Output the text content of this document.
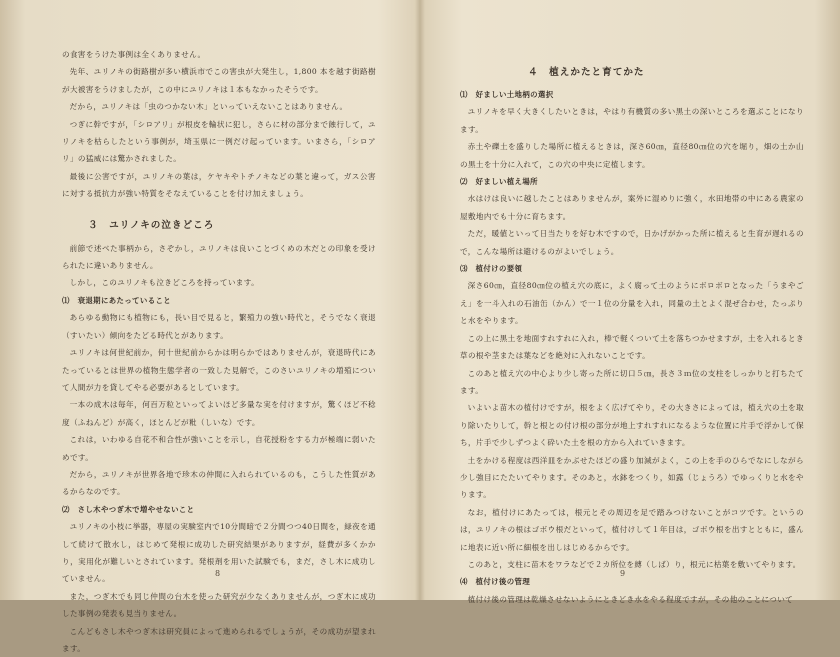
の食害をうけた事例は全くありません。

先年、ユリノキの街路樹が多い横浜市でこの害虫が大発生し，1,800 本を越す街路樹が大被害をうけましたが，この中にユリノキは１本もなかったそうです。

だから，ユリノキは「虫のつかない木」といっていえないことはありません。

つぎに幹ですが，「シロアリ」が根皮を輪状に犯し，さらに材の部分まで蝕行して，ユリノキを枯らしたという事例が，埼玉県に一例だけ起っています。いまさら，「シロアリ」の猛威には驚かされました。

最後に公害ですが，ユリノキの葉は，ケヤキやトチノキなどの葉と違って，ガス公害に対する抵抗力が強い特質をそなえていることを付け加えましょう。

３　ユリノキの泣きどころ

前節で述べた事柄から，さぞかし，ユリノキは良いことづくめの木だとの印象を受けられたに違いありません。

しかし，このユリノキも泣きどころを持っています。

⑴　衰退期にあたっていること

あらゆる動物にも植物にも，長い目で見ると，繁殖力の強い時代と，そうでなく衰退（すいたい）傾向をたどる時代とがあります。

ユリノキは何世紀前か，何十世紀前からかは明らかではありませんが，衰退時代にあたっているとは世界の植物生態学者の一致した見解で，このさいユリノキの増殖について人間が力を貸してやる必要があるとしています。

一本の成木は毎年，何百万粒といってよいほど多量な実を付けますが，驚くほど不稔度（ふねんど）が高く，ほとんどが粃（しいな）です。

これは，いわゆる自花不和合性が強いことを示し，自花授粉をする力が極端に弱いためです。

だから，ユリノキが世界各地で珍木の仲間に入れられているのも，こうした性質があるからなのです。

⑵　さし木やつぎ木で増やせないこと

ユリノキの小枝に挙器，専屋の実験室内で10分間暗で２分間つつ40日間を，緑夜を通して続けて散水し，はじめて発根に成功した研究結果がありますが，経費が多くかかり，実用化が難しいとされています。発根剤を用いた試験でも，まだ，さし木に成功していません。

また，つぎ木でも同じ仲間の台木を使った研究が少なくありませんが，つぎ木に成功した事例の発表も見当りません。

こんどもさし木やつぎ木は研究員によって進められるでしょうが，その成功が望まれます。

8
４　植えかたと育てかた
⑴　好ましい土地柄の選択

ユリノキを早く大きくしたいときは，やはり有機質の多い黒土の深いところを選ぶことになります。

赤土や礫土を盛りした場所に植えるときは，深さ60㎝，直径80㎝位の穴を堀り，畑の土か山の黒土を十分に入れて，この穴の中央に定植します。

⑵　好ましい植え場所

水はけは良いに越したことはありませんが，案外に湿めりに強く，水田地帯の中にある農家の屋敷地内でも十分に育ちます。

ただ，暖値といって日当たりを好む木ですので，日かげがかった所に植えると生育が遅れるので，こんな場所は避けるのがよいでしょう。

⑶　植付けの要領

深さ60㎝，直径80㎝位の植え穴の底に，よく腐って土のようにボロボロとなった「うまやごえ」を一斗入れの石油缶（かん）で一１位の分量を入れ，同量の土とよく混ぜ合わせ，たっぷりと水をやります。

この上に黒土を地面すれすれに入れ，棒で軽くついて土を落ちつかせますが，土を入れるとき草の根や茎または葉などを絶対に入れないことです。

このあと植え穴の中心より少し寄った所に切口５㎝，長さ３ｍ位の支柱をしっかりと打ちたてます。

いよいよ苗木の植付けですが，根をよく広げてやり，その大きさによっては，植え穴の土を取り除いたりして，幹と根との付け根の部分が地上すれすれになるような位置に片手で浮かして保ち，片手で少しずつよく砕いた土を根の方から入れていきます。

土をかける程度は西洋皿をかぶせたほどの盛り加減がよく，この上を手のひらでなにしながら少し強目にたたいてやります。そのあと，水鉢をつくり，如露（じょうろ）でゆっくりと水をやります。

なお，植付けにあたっては，根元とその周辺を足で踏みつけないことがコツです。というのは，ユリノキの根はゴボウ根だといって，植付けして１年目は，ゴボウ根を出すとともに，盛んに地表に近い所に細根を出しはじめるからです。

このあと，支柱に苗木をワラなどで２カ所位を縛（しば）り，根元に枯葉を敷いてやります。

⑷　植付け後の管理

植付け後の管理は乾燥させないようにときどき水をやる程度ですが，その他のことについて

9
